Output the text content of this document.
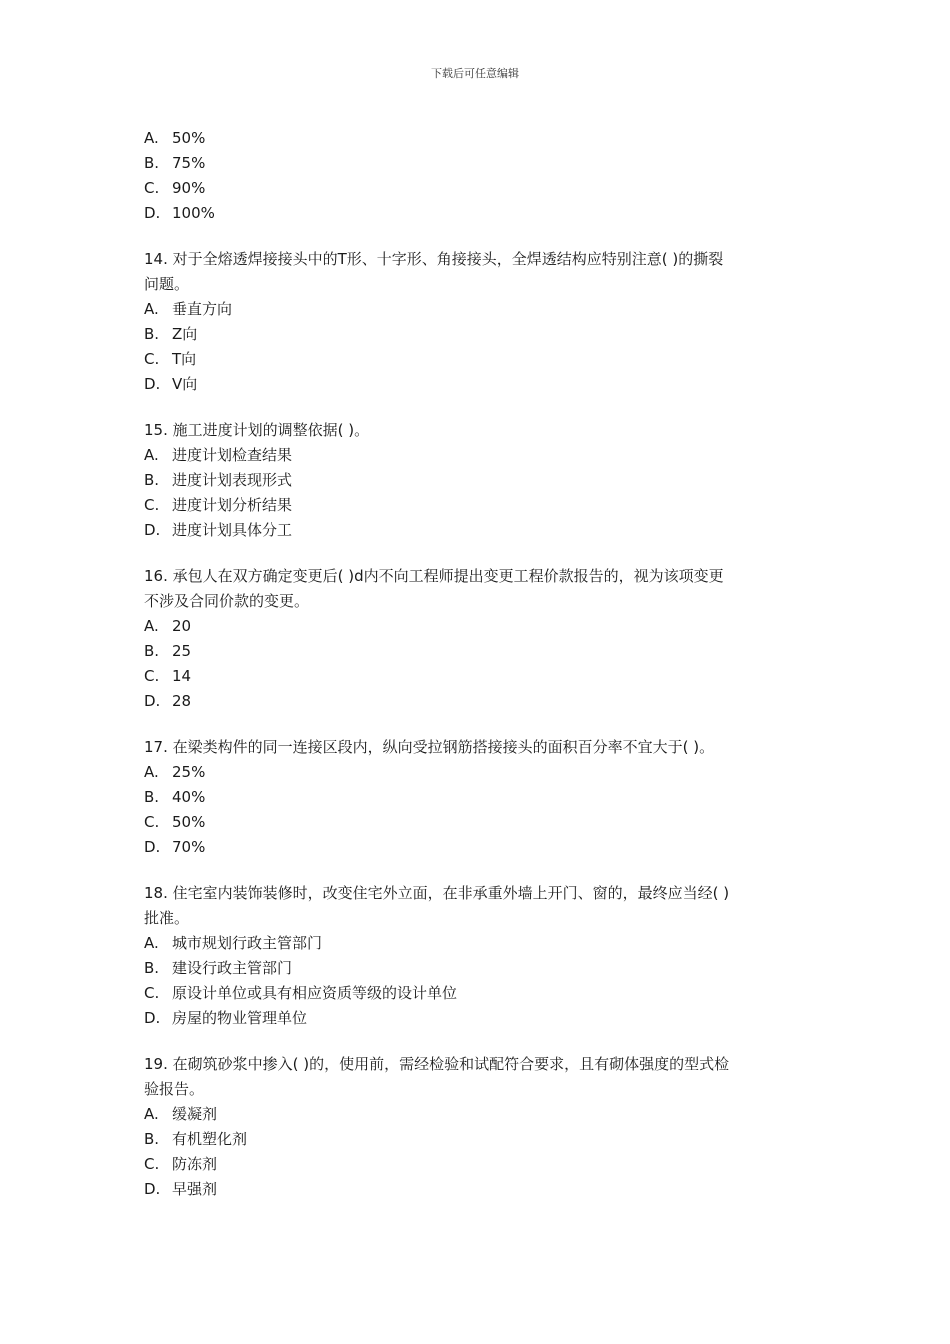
下载后可任意编辑
A. 50%
B. 75%
C. 90%
D. 100%
14. 对于全熔透焊接接头中的T形、十字形、角接接头，全焊透结构应特别注意( )的撕裂
问题。
A. 垂直方向
B. Z向
C. T向
D. V向
15. 施工进度计划的调整依据( )。
A. 进度计划检查结果
B. 进度计划表现形式
C. 进度计划分析结果
D. 进度计划具体分工
16. 承包人在双方确定变更后( )d内不向工程师提出变更工程价款报告的，视为该项变更
不涉及合同价款的变更。
A. 20
B. 25
C. 14
D. 28
17. 在梁类构件的同一连接区段内，纵向受拉钢筋搭接接头的面积百分率不宜大于( )。
A. 25%
B. 40%
C. 50%
D. 70%
18. 住宅室内装饰装修时，改变住宅外立面，在非承重外墙上开门、窗的，最终应当经( )
批准。
A. 城市规划行政主管部门
B. 建设行政主管部门
C. 原设计单位或具有相应资质等级的设计单位
D. 房屋的物业管理单位
19. 在砌筑砂浆中掺入( )的，使用前，需经检验和试配符合要求，且有砌体强度的型式检
验报告。
A. 缓凝剂
B. 有机塑化剂
C. 防冻剂
D. 早强剂
